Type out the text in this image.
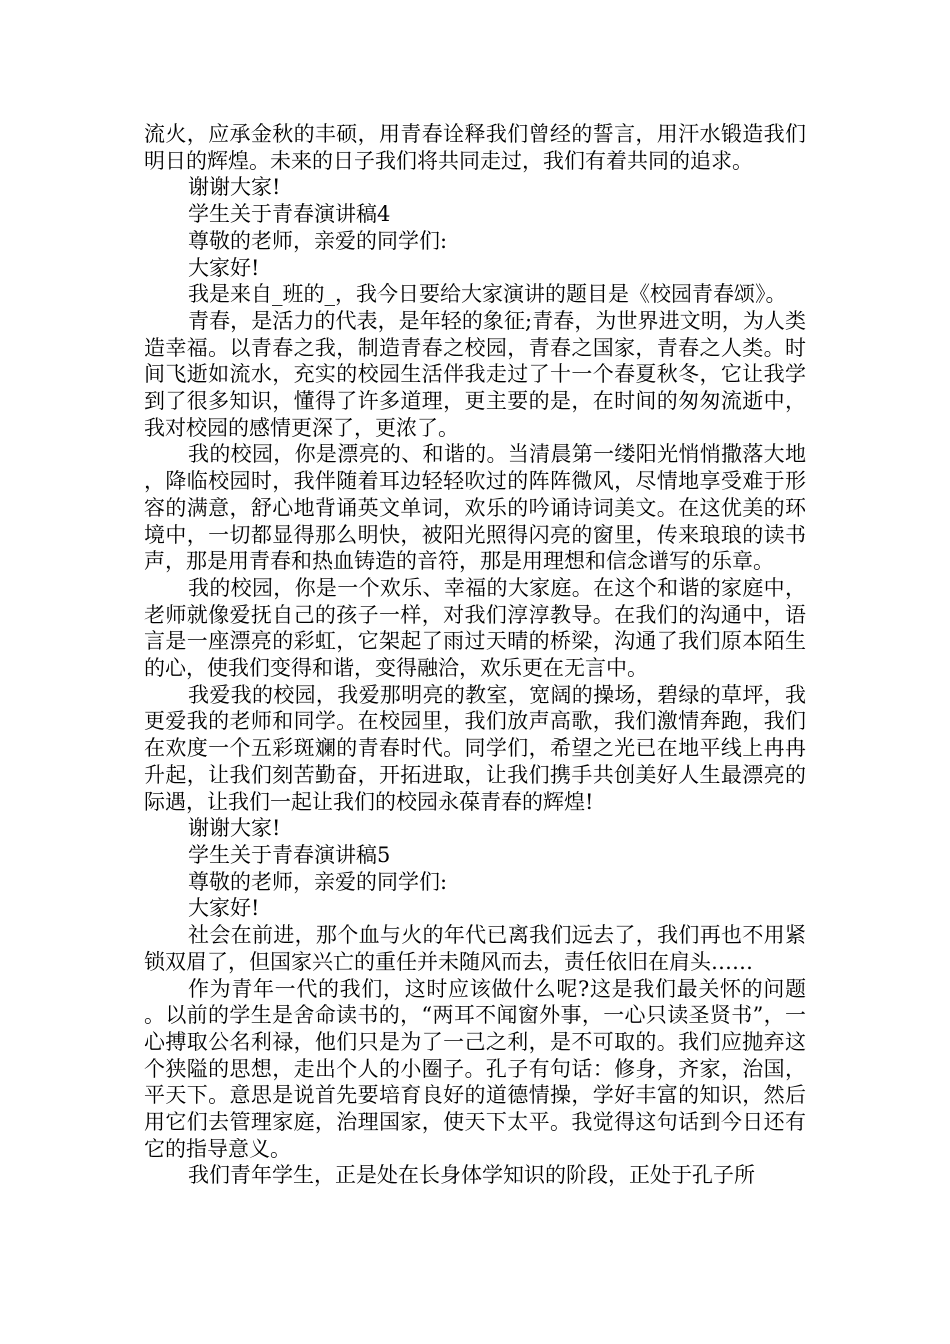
流火，应承金秋的丰硕，用青春诠释我们曾经的誓言，用汗水锻造我们明日的辉煌。未来的日子我们将共同走过，我们有着共同的追求。

谢谢大家!

学生关于青春演讲稿4

尊敬的老师，亲爱的同学们:

大家好!

我是来自_班的_，我今日要给大家演讲的题目是《校园青春颂》。

青春，是活力的代表，是年轻的象征;青春，为世界进文明，为人类造幸福。以青春之我，制造青春之校园，青春之国家，青春之人类。时间飞逝如流水，充实的校园生活伴我走过了十一个春夏秋冬，它让我学到了很多知识，懂得了许多道理，更主要的是，在时间的匆匆流逝中，我对校园的感情更深了，更浓了。

我的校园，你是漂亮的、和谐的。当清晨第一缕阳光悄悄撒落大地，降临校园时，我伴随着耳边轻轻吹过的阵阵微风，尽情地享受难于形容的满意，舒心地背诵英文单词，欢乐的吟诵诗词美文。在这优美的环境中，一切都显得那么明快，被阳光照得闪亮的窗里，传来琅琅的读书声，那是用青春和热血铸造的音符，那是用理想和信念谱写的乐章。

我的校园，你是一个欢乐、幸福的大家庭。在这个和谐的家庭中，老师就像爱抚自己的孩子一样，对我们淳淳教导。在我们的沟通中，语言是一座漂亮的彩虹，它架起了雨过天晴的桥梁，沟通了我们原本陌生的心，使我们变得和谐，变得融洽，欢乐更在无言中。

我爱我的校园，我爱那明亮的教室，宽阔的操场，碧绿的草坪，我更爱我的老师和同学。在校园里，我们放声高歌，我们激情奔跑，我们在欢度一个五彩斑斓的青春时代。同学们，希望之光已在地平线上冉冉升起，让我们刻苦勤奋，开拓进取，让我们携手共创美好人生最漂亮的际遇，让我们一起让我们的校园永葆青春的辉煌!

谢谢大家!

学生关于青春演讲稿5

尊敬的老师，亲爱的同学们:

大家好!

社会在前进，那个血与火的年代已离我们远去了，我们再也不用紧锁双眉了，但国家兴亡的重任并未随风而去，责任依旧在肩头……

作为青年一代的我们，这时应该做什么呢?这是我们最关怀的问题。以前的学生是舍命读书的，“两耳不闻窗外事，一心只读圣贤书”，一心搏取公名利禄，他们只是为了一己之利，是不可取的。我们应抛弃这个狭隘的思想，走出个人的小圈子。孔子有句话：修身，齐家，治国，平天下。意思是说首先要培育良好的道德情操，学好丰富的知识，然后用它们去管理家庭，治理国家，使天下太平。我觉得这句话到今日还有它的指导意义。

我们青年学生，正是处在长身体学知识的阶段，正处于孔子所
